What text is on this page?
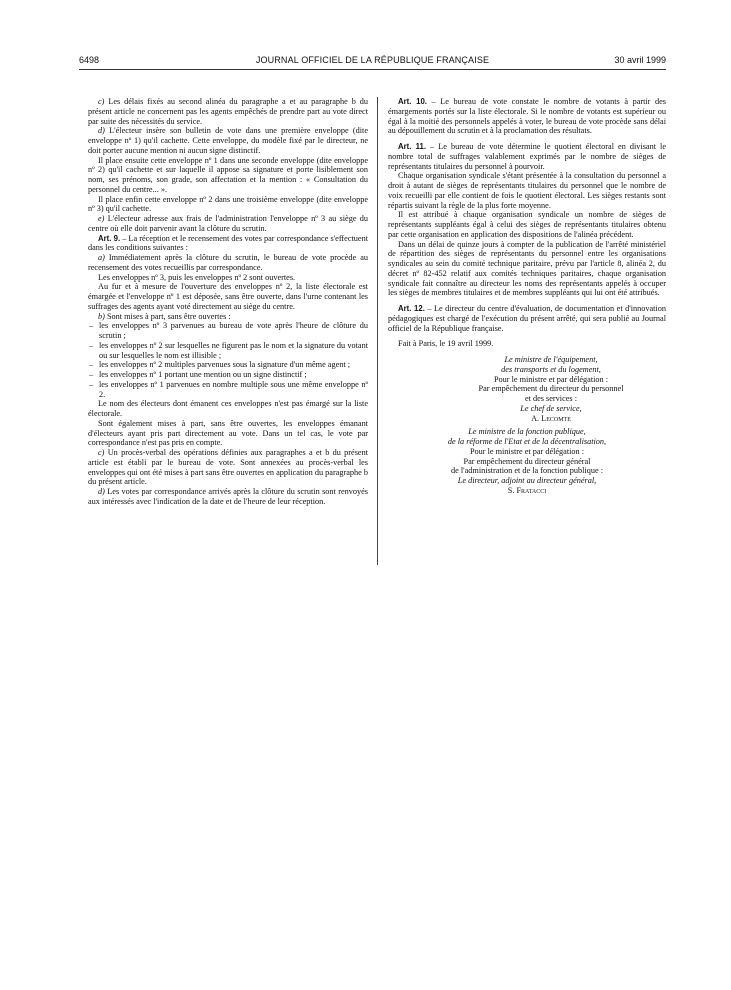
6498	JOURNAL OFFICIEL DE LA RÉPUBLIQUE FRANÇAISE	30 avril 1999

c) Les délais fixés au second alinéa du paragraphe a et au paragraphe b du présent article ne concernent pas les agents empêchés de prendre part au vote direct par suite des nécessités du service.

d) L'électeur insère son bulletin de vote dans une première enveloppe (dite enveloppe nº 1) qu'il cachette. Cette enveloppe, du modèle fixé par le directeur, ne doit porter aucune mention ni aucun signe distinctif.

Il place ensuite cette enveloppe nº 1 dans une seconde enveloppe (dite enveloppe nº 2) qu'il cachette et sur laquelle il appose sa signature et porte lisiblement son nom, ses prénoms, son grade, son affectation et la mention : « Consultation du personnel du centre... ».

Il place enfin cette enveloppe nº 2 dans une troisième enveloppe (dite enveloppe nº 3) qu'il cachette.

e) L'électeur adresse aux frais de l'administration l'enveloppe nº 3 au siège du centre où elle doit parvenir avant la clôture du scrutin.

Art. 9. – La réception et le recensement des votes par correspondance s'effectuent dans les conditions suivantes :

a) Immédiatement après la clôture du scrutin, le bureau de vote procède au recensement des votes recueillis par correspondance.

Les enveloppes nº 3, puis les enveloppes nº 2 sont ouvertes.

Au fur et à mesure de l'ouverture des enveloppes nº 2, la liste électorale est émargée et l'enveloppe nº 1 est déposée, sans être ouverte, dans l'urne contenant les suffrages des agents ayant voté directement au siège du centre.

b) Sont mises à part, sans être ouvertes :

– les enveloppes nº 3 parvenues au bureau de vote après l'heure de clôture du scrutin ;

– les enveloppes nº 2 sur lesquelles ne figurent pas le nom et la signature du votant ou sur lesquelles le nom est illisible ;

– les enveloppes nº 2 multiples parvenues sous la signature d'un même agent ;

– les enveloppes nº 1 portant une mention ou un signe distinctif ;

– les enveloppes nº 1 parvenues en nombre multiple sous une même enveloppe nº 2.

Le nom des électeurs dont émanent ces enveloppes n'est pas émargé sur la liste électorale.

Sont également mises à part, sans être ouvertes, les enveloppes émanant d'électeurs ayant pris part directement au vote. Dans un tel cas, le vote par correspondance n'est pas pris en compte.

c) Un procès-verbal des opérations définies aux paragraphes a et b du présent article est établi par le bureau de vote. Sont annexées au procès-verbal les enveloppes qui ont été mises à part sans être ouvertes en application du paragraphe b du présent article.

d) Les votes par correspondance arrivés après la clôture du scrutin sont renvoyés aux intéressés avec l'indication de la date et de l'heure de leur réception.

Art. 10. – Le bureau de vote constate le nombre de votants à partir des émargements portés sur la liste électorale. Si le nombre de votants est supérieur ou égal à la moitié des personnels appelés à voter, le bureau de vote procède sans délai au dépouillement du scrutin et à la proclamation des résultats.

Art. 11. – Le bureau de vote détermine le quotient électoral en divisant le nombre total de suffrages valablement exprimés par le nombre de sièges de représentants titulaires du personnel à pourvoir.

Chaque organisation syndicale s'étant présentée à la consultation du personnel a droit à autant de sièges de représentants titulaires du personnel que le nombre de voix recueilli par elle contient de fois le quotient électoral. Les sièges restants sont répartis suivant la règle de la plus forte moyenne.

Il est attribué à chaque organisation syndicale un nombre de sièges de représentants suppléants égal à celui des sièges de représentants titulaires obtenu par cette organisation en application des dispositions de l'alinéa précédent.

Dans un délai de quinze jours à compter de la publication de l'arrêté ministériel de répartition des sièges de représentants du personnel entre les organisations syndicales au sein du comité technique paritaire, prévu par l'article 8, alinéa 2, du décret nº 82-452 relatif aux comités techniques paritaires, chaque organisation syndicale fait connaître au directeur les noms des représentants appelés à occuper les sièges de membres titulaires et de membres suppléants qui lui ont été attribués.

Art. 12. – Le directeur du centre d'évaluation, de documentation et d'innovation pédagogiques est chargé de l'exécution du présent arrêté, qui sera publié au Journal officiel de la République française.

Fait à Paris, le 19 avril 1999.

Le ministre de l'équipement,
des transports et du logement,
Pour le ministre et par délégation :
Par empêchement du directeur du personnel
et des services :
Le chef de service,
A. Lecomte
Le ministre de la fonction publique,
de la réforme de l'Etat et de la décentralisation,
Pour le ministre et par délégation :
Par empêchement du directeur général
de l'administration et de la fonction publique :
Le directeur, adjoint au directeur général,
S. Fratacci
